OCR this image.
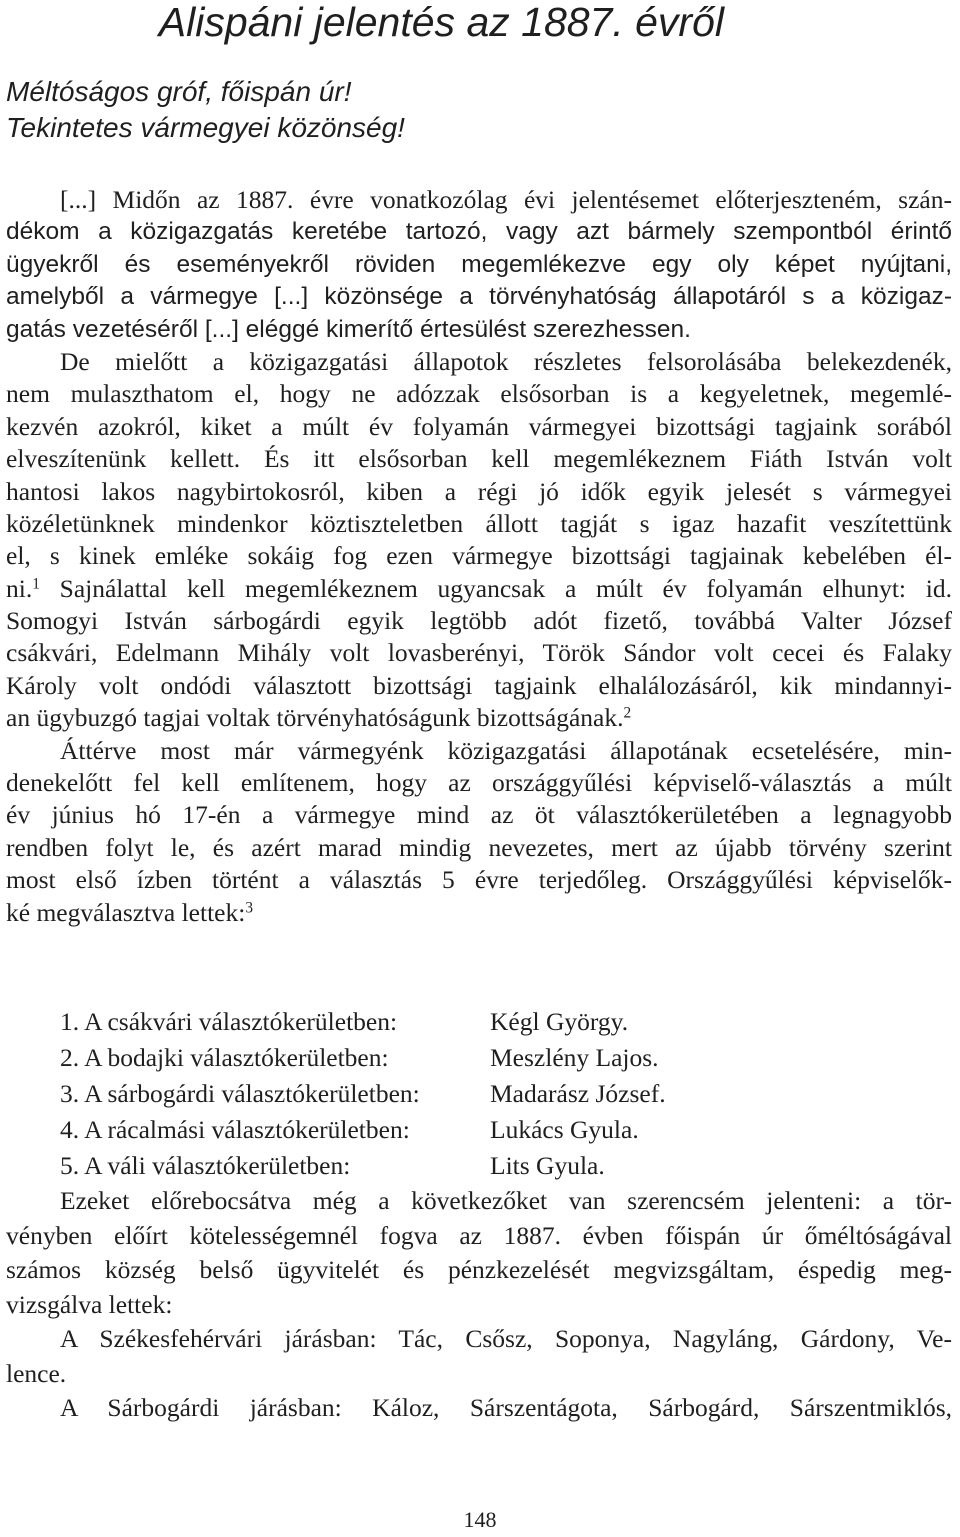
Alispáni jelentés az 1887. évről
Méltóságos gróf, főispán úr!
Tekintetes vármegyei közönség!
[...] Midőn az 1887. évre vonatkozólag évi jelentésemet előterjeszteném, szán-
dékom a közigazgatás keretébe tartozó, vagy azt bármely szempontból érintő
ügyekről és eseményekről röviden megemlékezve egy oly képet nyújtani,
amelyből a vármegye [...] közönsége a törvényhatóság állapotáról s a közigaz-
gatás vezetéséről [...] eléggé kimerítő értesülést szerezhessen.
De mielőtt a közigazgatási állapotok részletes felsorolásába belekezdenék,
nem mulaszthatom el, hogy ne adózzak elsősorban is a kegyeletnek, megemlé-
kezvén azokról, kiket a múlt év folyamán vármegyei bizottsági tagjaink sorából
elveszítenünk kellett. És itt elsősorban kell megemlékeznem Fiáth István volt
hantosi lakos nagybirtokosról, kiben a régi jó idők egyik jelesét s vármegyei
közéletünknek mindenkor köztiszteletben állott tagját s igaz hazafit veszítettünk
el, s kinek emléke sokáig fog ezen vármegye bizottsági tagjainak kebelében él-
ni.$^1$ Sajnálattal kell megemlékeznem ugyancsak a múlt év folyamán elhunyt: id.
Somogyi István sárbogárdi egyik legtöbb adót fizető, továbbá Valter József
csákvári, Edelmann Mihály volt lovasberényi, Török Sándor volt cecei és Falaky
Károly volt ondódi választott bizottsági tagjaink elhalálozásáról, kik mindannyi-
an ügybuzgó tagjai voltak törvényhatóságunk bizottságának.$^2$
Áttérve most már vármegyénk közigazgatási állapotának ecsetelésére, min-
denekelőtt fel kell említenem, hogy az országgyűlési képviselő-választás a múlt
év június hó 17-én a vármegye mind az öt választókerületében a legnagyobb
rendben folyt le, és azért marad mindig nevezetes, mert az újabb törvény szerint
most első ízben történt a választás 5 évre terjedőleg. Országgyűlési képviselők-
ké megválasztva lettek:$^3$
1. A csákvári választókerületben:	Kégl György.
2. A bodajki választókerületben:	Meszlény Lajos.
3. A sárbogárdi választókerületben:	Madarász József.
4. A rácalmási választókerületben:	Lukács Gyula.
5. A váli választókerületben:	Lits Gyula.
Ezeket előrebocsátva még a következőket van szerencsém jelenteni: a tör-
vényben előírt kötelességemnél fogva az 1887. évben főispán úr őméltóságával
számos község belső ügyvitelét és pénzkezelését megvizsgáltam, éspedig meg-
vizsgálva lettek:
A Székesfehérvári járásban: Tác, Csősz, Soponya, Nagyláng, Gárdony, Ve-
lence.
A Sárbogárdi járásban: Káloz, Sárszentágota, Sárbogárd, Sárszentmiklós,
148
